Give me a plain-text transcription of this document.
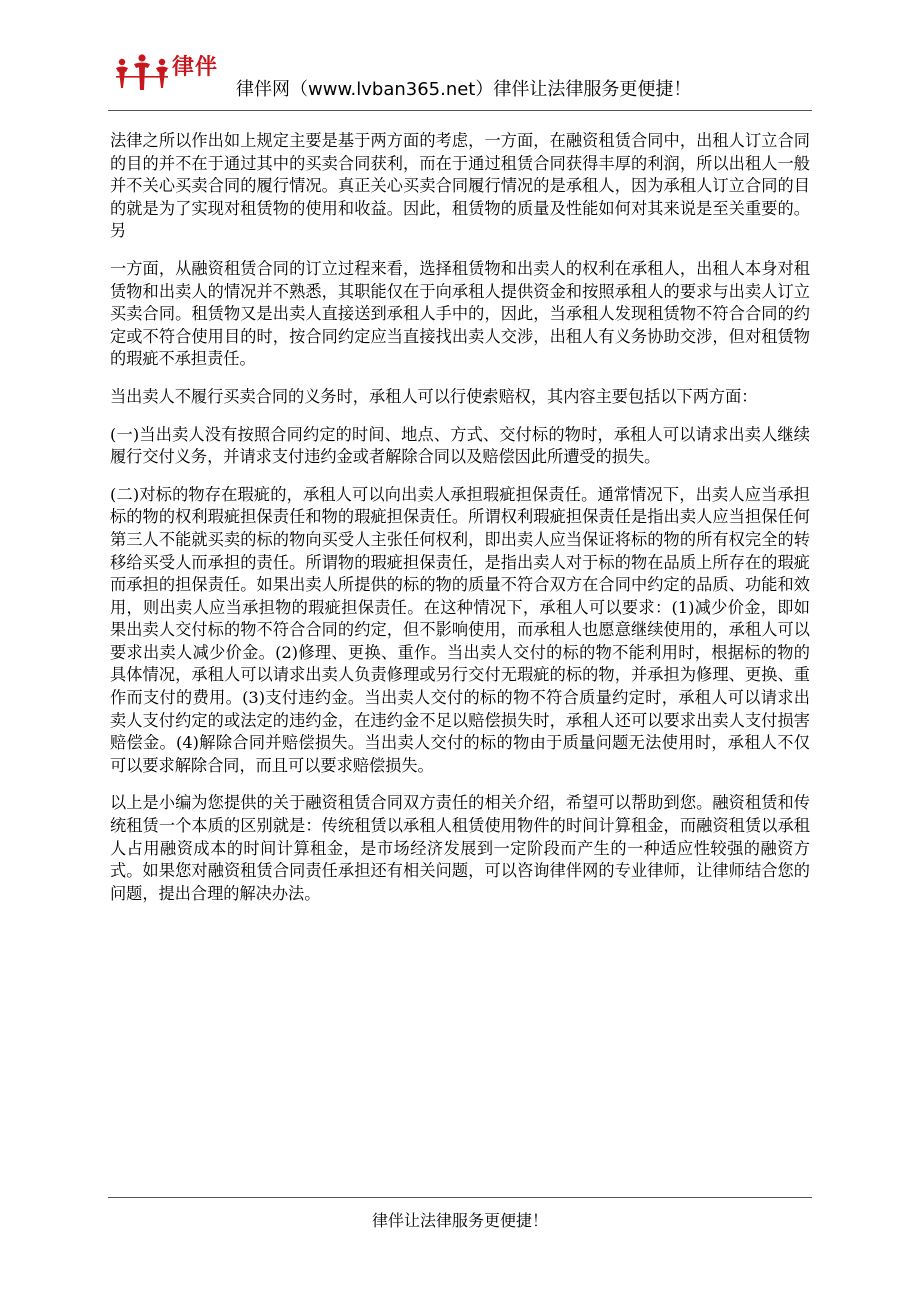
律伴
律伴网（www.lvban365.net）律伴让法律服务更便捷！

法律之所以作出如上规定主要是基于两方面的考虑，一方面，在融资租赁合同中，出租人订立合同的目的并不在于通过其中的买卖合同获利，而在于通过租赁合同获得丰厚的利润，所以出租人一般并不关心买卖合同的履行情况。真正关心买卖合同履行情况的是承租人，因为承租人订立合同的目的就是为了实现对租赁物的使用和收益。因此，租赁物的质量及性能如何对其来说是至关重要的。另

一方面，从融资租赁合同的订立过程来看，选择租赁物和出卖人的权利在承租人，出租人本身对租赁物和出卖人的情况并不熟悉，其职能仅在于向承租人提供资金和按照承租人的要求与出卖人订立买卖合同。租赁物又是出卖人直接送到承租人手中的，因此，当承租人发现租赁物不符合合同的约定或不符合使用目的时，按合同约定应当直接找出卖人交涉，出租人有义务协助交涉，但对租赁物的瑕疵不承担责任。

当出卖人不履行买卖合同的义务时，承租人可以行使索赔权，其内容主要包括以下两方面：

(一)当出卖人没有按照合同约定的时间、地点、方式、交付标的物时，承租人可以请求出卖人继续履行交付义务，并请求支付违约金或者解除合同以及赔偿因此所遭受的损失。

(二)对标的物存在瑕疵的，承租人可以向出卖人承担瑕疵担保责任。通常情况下，出卖人应当承担标的物的权利瑕疵担保责任和物的瑕疵担保责任。所谓权利瑕疵担保责任是指出卖人应当担保任何第三人不能就买卖的标的物向买受人主张任何权利，即出卖人应当保证将标的物的所有权完全的转移给买受人而承担的责任。所谓物的瑕疵担保责任，是指出卖人对于标的物在品质上所存在的瑕疵而承担的担保责任。如果出卖人所提供的标的物的质量不符合双方在合同中约定的品质、功能和效用，则出卖人应当承担物的瑕疵担保责任。在这种情况下，承租人可以要求：(1)减少价金，即如果出卖人交付标的物不符合合同的约定，但不影响使用，而承租人也愿意继续使用的，承租人可以要求出卖人减少价金。(2)修理、更换、重作。当出卖人交付的标的物不能利用时，根据标的物的具体情况，承租人可以请求出卖人负责修理或另行交付无瑕疵的标的物，并承担为修理、更换、重作而支付的费用。(3)支付违约金。当出卖人交付的标的物不符合质量约定时，承租人可以请求出卖人支付约定的或法定的违约金，在违约金不足以赔偿损失时，承租人还可以要求出卖人支付损害赔偿金。(4)解除合同并赔偿损失。当出卖人交付的标的物由于质量问题无法使用时，承租人不仅可以要求解除合同，而且可以要求赔偿损失。

以上是小编为您提供的关于融资租赁合同双方责任的相关介绍，希望可以帮助到您。融资租赁和传统租赁一个本质的区别就是：传统租赁以承租人租赁使用物件的时间计算租金，而融资租赁以承租人占用融资成本的时间计算租金，是市场经济发展到一定阶段而产生的一种适应性较强的融资方式。如果您对融资租赁合同责任承担还有相关问题，可以咨询律伴网的专业律师，让律师结合您的问题，提出合理的解决办法。

律伴让法律服务更便捷！
